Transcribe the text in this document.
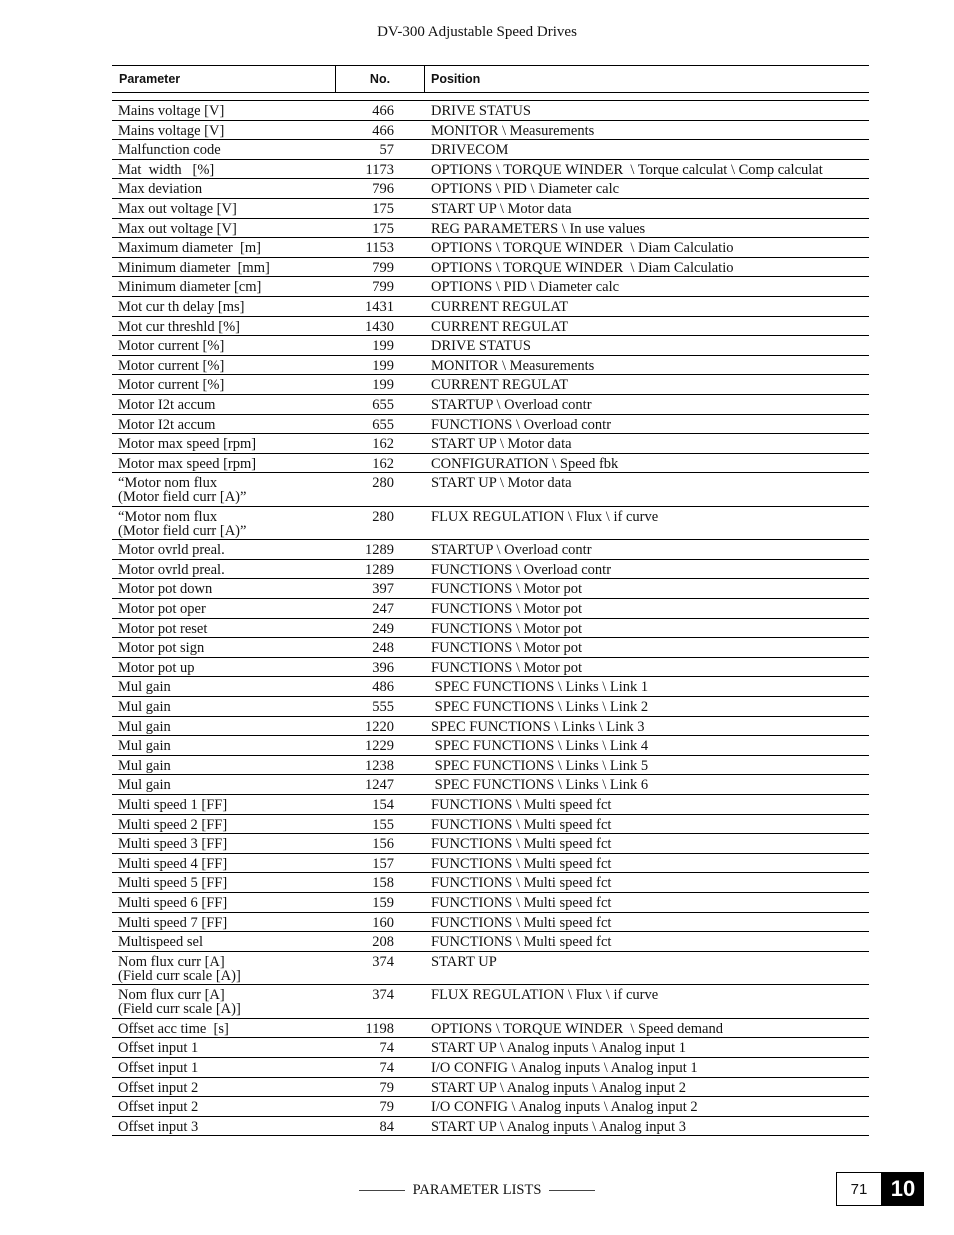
DV-300 Adjustable Speed Drives
Parameter	No.	Position
Mains voltage [V]	466	DRIVE STATUS
Mains voltage [V]	466	MONITOR \ Measurements
Malfunction code	57	DRIVECOM
Mat  width   [%]	1173	OPTIONS \ TORQUE WINDER  \ Torque calculat \ Comp calculat
Max deviation	796	OPTIONS \ PID \ Diameter calc
Max out voltage [V]	175	START UP \ Motor data
Max out voltage [V]	175	REG PARAMETERS \ In use values
Maximum diameter  [m]	1153	OPTIONS \ TORQUE WINDER  \ Diam Calculatio
Minimum diameter  [mm]	799	OPTIONS \ TORQUE WINDER  \ Diam Calculatio
Minimum diameter [cm]	799	OPTIONS \ PID \ Diameter calc
Mot cur th delay [ms]	1431	CURRENT REGULAT
Mot cur threshld [%]	1430	CURRENT REGULAT
Motor current [%]	199	DRIVE STATUS
Motor current [%]	199	MONITOR \ Measurements
Motor current [%]	199	CURRENT REGULAT
Motor I2t accum	655	STARTUP \ Overload contr
Motor I2t accum	655	FUNCTIONS \ Overload contr
Motor max speed [rpm]	162	START UP \ Motor data
Motor max speed [rpm]	162	CONFIGURATION \ Speed fbk
“Motor nom flux
(Motor field curr [A)”
280	START UP \ Motor data
“Motor nom flux
(Motor field curr [A)”
280	FLUX REGULATION \ Flux \ if curve
Motor ovrld preal.	1289	STARTUP \ Overload contr
Motor ovrld preal.	1289	FUNCTIONS \ Overload contr
Motor pot down	397	FUNCTIONS \ Motor pot
Motor pot oper	247	FUNCTIONS \ Motor pot
Motor pot reset	249	FUNCTIONS \ Motor pot
Motor pot sign	248	FUNCTIONS \ Motor pot
Motor pot up	396	FUNCTIONS \ Motor pot
Mul gain	486	SPEC FUNCTIONS \ Links \ Link 1
Mul gain	555	SPEC FUNCTIONS \ Links \ Link 2
Mul gain	1220	SPEC FUNCTIONS \ Links \ Link 3
Mul gain	1229	SPEC FUNCTIONS \ Links \ Link 4
Mul gain	1238	SPEC FUNCTIONS \ Links \ Link 5
Mul gain	1247	SPEC FUNCTIONS \ Links \ Link 6
Multi speed 1 [FF]	154	FUNCTIONS \ Multi speed fct
Multi speed 2 [FF]	155	FUNCTIONS \ Multi speed fct
Multi speed 3 [FF]	156	FUNCTIONS \ Multi speed fct
Multi speed 4 [FF]	157	FUNCTIONS \ Multi speed fct
Multi speed 5 [FF]	158	FUNCTIONS \ Multi speed fct
Multi speed 6 [FF]	159	FUNCTIONS \ Multi speed fct
Multi speed 7 [FF]	160	FUNCTIONS \ Multi speed fct
Multispeed sel	208	FUNCTIONS \ Multi speed fct
Nom flux curr [A]
(Field curr scale [A)]
374	START UP
Nom flux curr [A]
(Field curr scale [A)]
374	FLUX REGULATION \ Flux \ if curve
Offset acc time  [s]	1198	OPTIONS \ TORQUE WINDER  \ Speed demand
Offset input 1	74	START UP \ Analog inputs \ Analog input 1
Offset input 1	74	I/O CONFIG \ Analog inputs \ Analog input 1
Offset input 2	79	START UP \ Analog inputs \ Analog input 2
Offset input 2	79	I/O CONFIG \ Analog inputs \ Analog input 2
Offset input 3	84	START UP \ Analog inputs \ Analog input 3
PARAMETER LISTS	71	10
